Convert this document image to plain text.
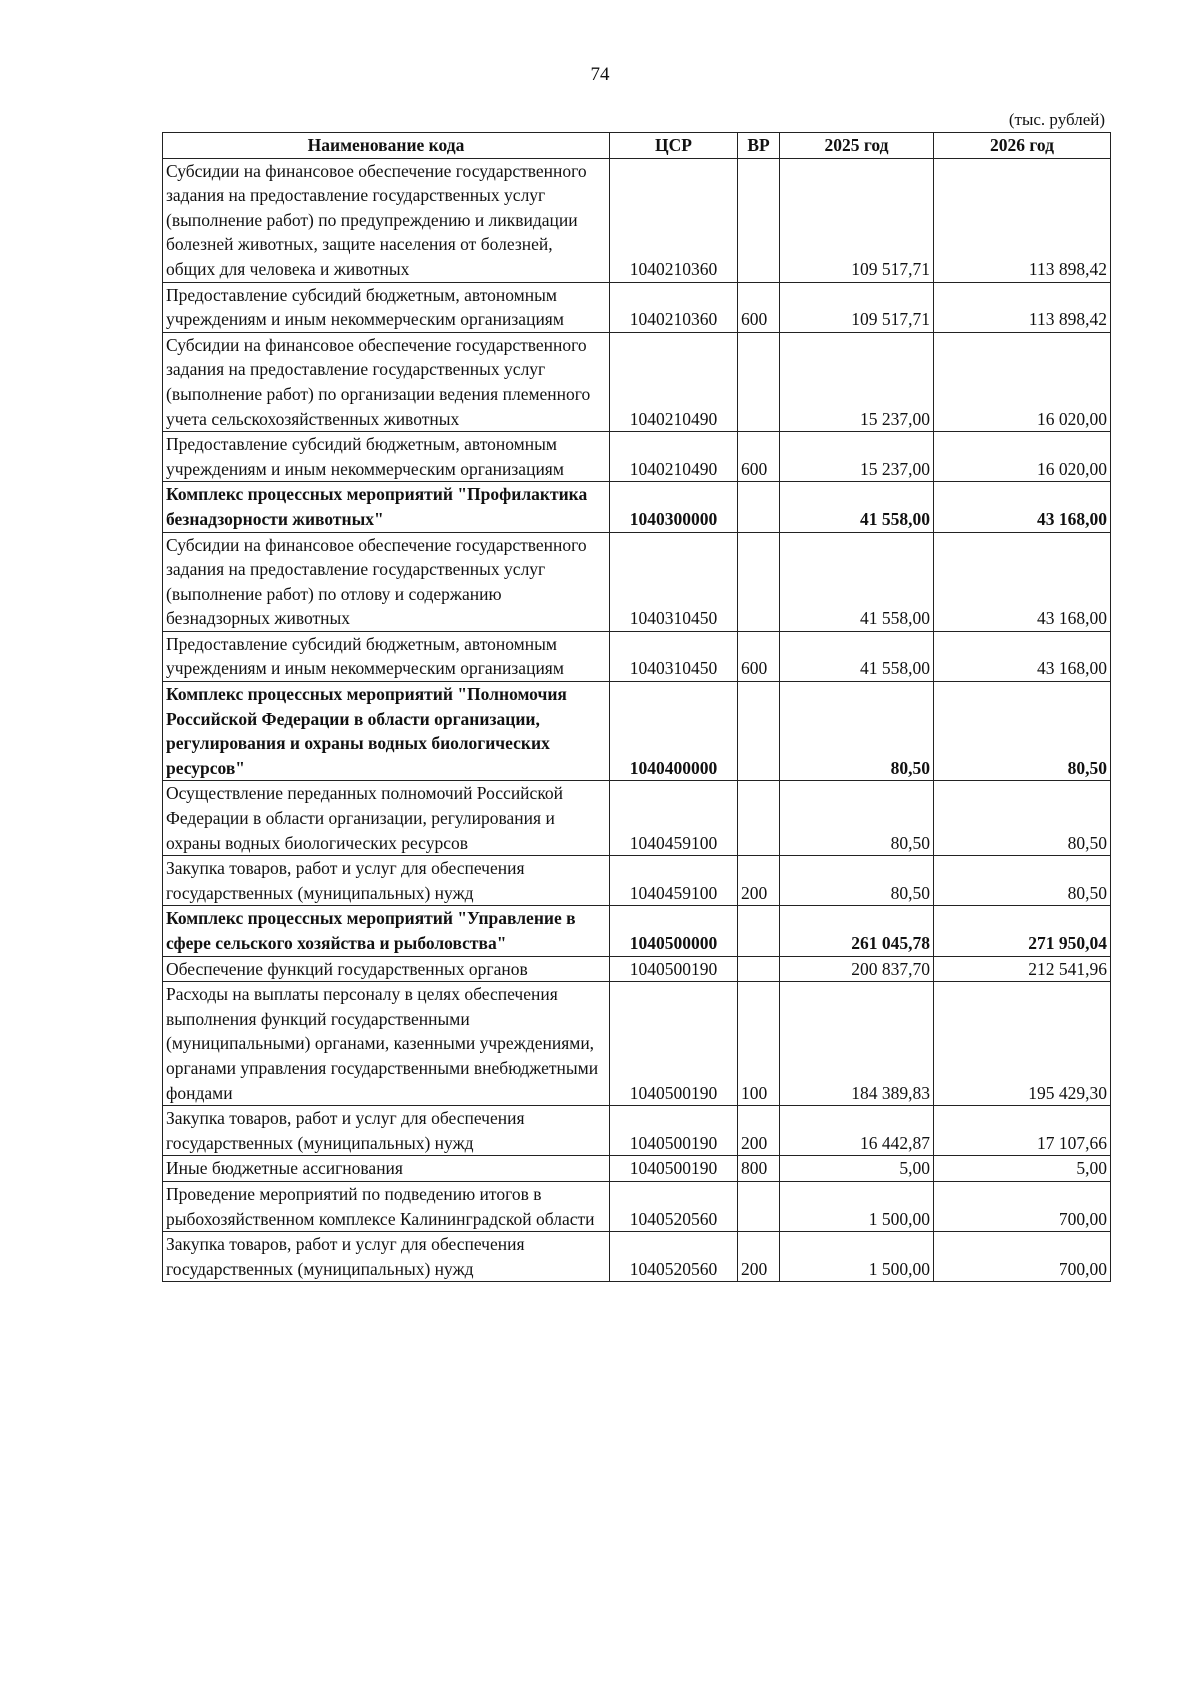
74
(тыс. рублей)
Наименование кода	ЦСР	ВР	2025 год	2026 год
Субсидии на финансовое обеспечение государственного задания на предоставление государственных услуг (выполнение работ) по предупреждению и ликвидации болезней животных, защите населения от болезней, общих для человека и животных	1040210360		109 517,71	113 898,42
Предоставление субсидий бюджетным, автономным учреждениям и иным некоммерческим организациям	1040210360	600	109 517,71	113 898,42
Субсидии на финансовое обеспечение государственного задания на предоставление государственных услуг (выполнение работ) по организации ведения племенного учета сельскохозяйственных животных	1040210490		15 237,00	16 020,00
Предоставление субсидий бюджетным, автономным учреждениям и иным некоммерческим организациям	1040210490	600	15 237,00	16 020,00
Комплекс процессных мероприятий "Профилактика безнадзорности животных"	1040300000		41 558,00	43 168,00
Субсидии на финансовое обеспечение государственного задания на предоставление государственных услуг (выполнение работ) по отлову и содержанию безнадзорных животных	1040310450		41 558,00	43 168,00
Предоставление субсидий бюджетным, автономным учреждениям и иным некоммерческим организациям	1040310450	600	41 558,00	43 168,00
Комплекс процессных мероприятий "Полномочия Российской Федерации в области организации, регулирования и охраны водных биологических ресурсов"	1040400000		80,50	80,50
Осуществление переданных полномочий Российской Федерации в области организации, регулирования и охраны водных биологических ресурсов	1040459100		80,50	80,50
Закупка товаров, работ и услуг для обеспечения государственных (муниципальных) нужд	1040459100	200	80,50	80,50
Комплекс процессных мероприятий "Управление в сфере сельского хозяйства и рыболовства"	1040500000		261 045,78	271 950,04
Обеспечение функций государственных органов	1040500190		200 837,70	212 541,96
Расходы на выплаты персоналу в целях обеспечения выполнения функций государственными (муниципальными) органами, казенными учреждениями, органами управления государственными внебюджетными фондами	1040500190	100	184 389,83	195 429,30
Закупка товаров, работ и услуг для обеспечения государственных (муниципальных) нужд	1040500190	200	16 442,87	17 107,66
Иные бюджетные ассигнования	1040500190	800	5,00	5,00
Проведение мероприятий по подведению итогов в рыбохозяйственном комплексе Калининградской области	1040520560		1 500,00	700,00
Закупка товаров, работ и услуг для обеспечения государственных (муниципальных) нужд	1040520560	200	1 500,00	700,00
